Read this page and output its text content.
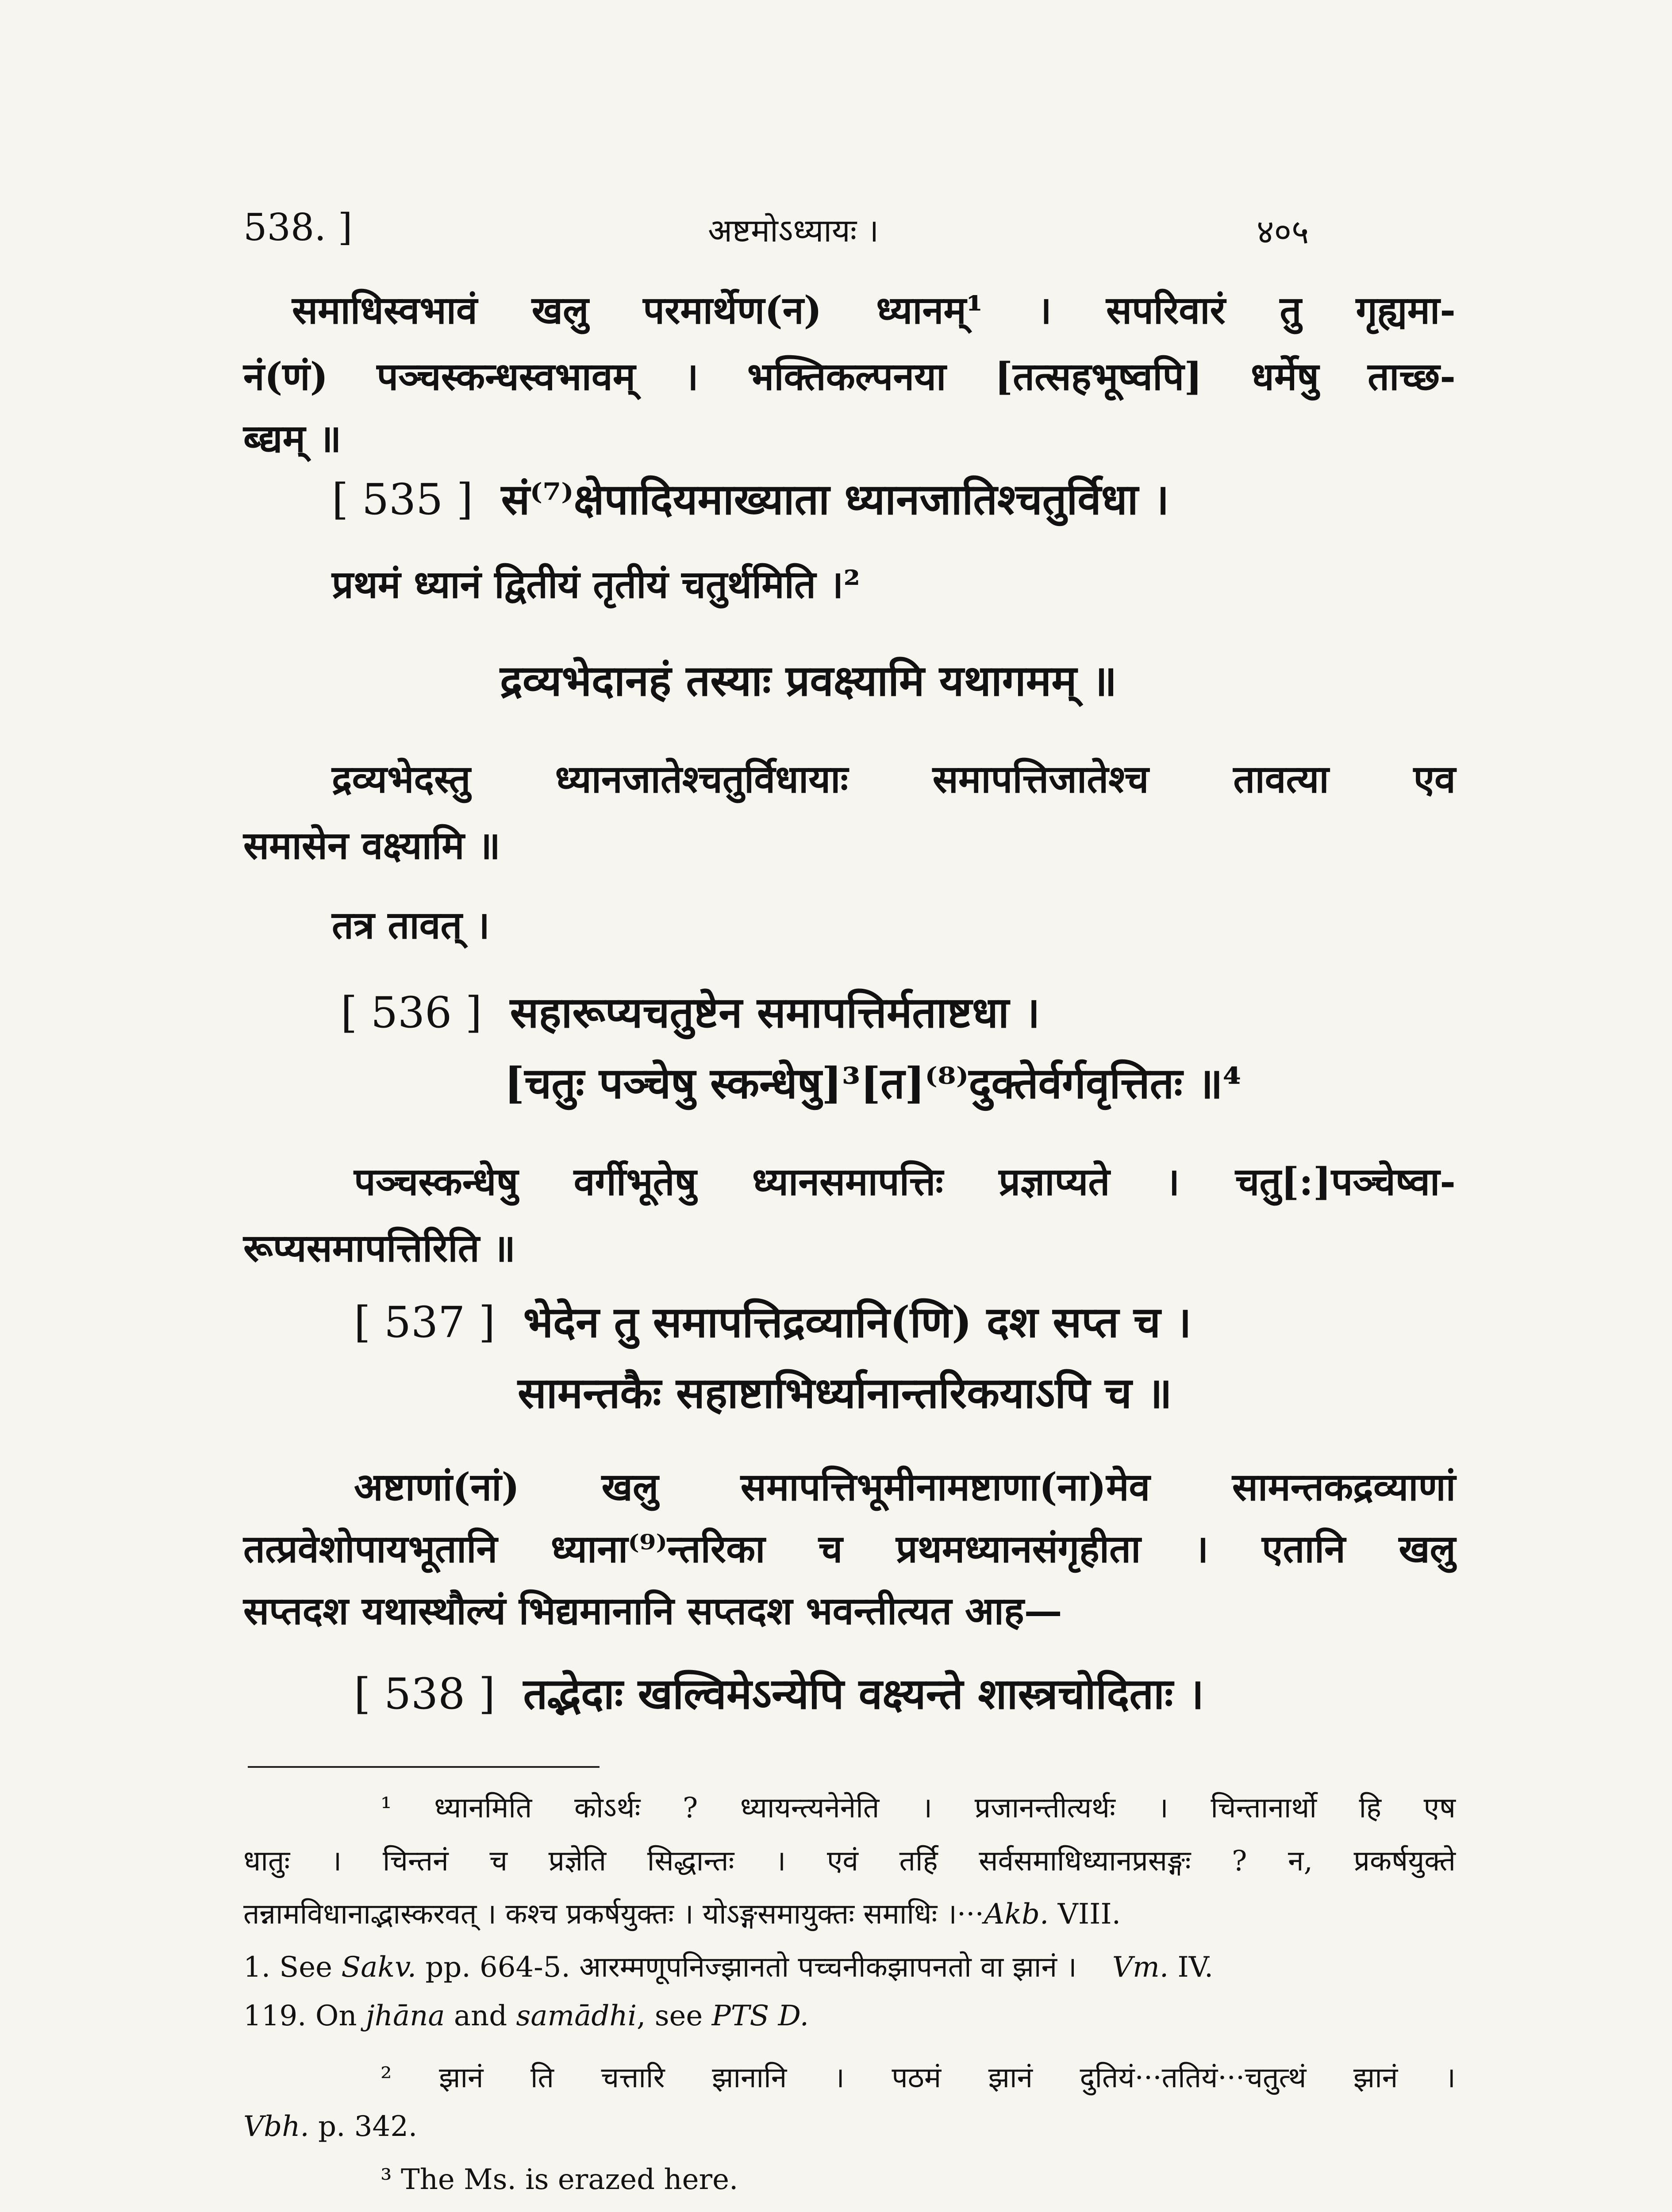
538. ]	अष्टमोऽध्यायः ।	४०५
समाधिस्वभावं खलु परमार्थेण(न) ध्यानम्¹ । सपरिवारं तु गृह्यमा-
नं(णं) पञ्चस्कन्धस्वभावम् । भक्तिकल्पनया [तत्सहभूष्वपि] धर्मेषु ताच्छ-
ब्द्यम् ॥
[ 535 ] सं⁽⁷⁾क्षेपादियमाख्याता ध्यानजातिश्चतुर्विधा ।
प्रथमं ध्यानं द्वितीयं तृतीयं चतुर्थमिति ।²
द्रव्यभेदानहं तस्याः प्रवक्ष्यामि यथागमम् ॥
द्रव्यभेदस्तु ध्यानजातेश्चतुर्विधायाः समापत्तिजातेश्च तावत्या एव
समासेन वक्ष्यामि ॥
तत्र तावत् ।
[ 536 ] सहारूप्यचतुष्टेन समापत्तिर्मताष्टधा ।
[चतुः पञ्चेषु स्कन्धेषु]³[त]⁽⁸⁾दुक्तेर्वर्गवृत्तितः ॥⁴
पञ्चस्कन्धेषु वर्गीभूतेषु ध्यानसमापत्तिः प्रज्ञाप्यते । चतु[:]पञ्चेष्वा-
रूप्यसमापत्तिरिति ॥
[ 537 ] भेदेन तु समापत्तिद्रव्यानि(णि) दश सप्त च ।
सामन्तकैः सहाष्टाभिर्ध्यानान्तरिकयाऽपि च ॥
अष्टाणां(नां) खलु समापत्तिभूमीनामष्टाणा(ना)मेव सामन्तकद्रव्याणां
तत्प्रवेशोपायभूतानि ध्याना⁽⁹⁾न्तरिका च प्रथमध्यानसंगृहीता । एतानि खलु
सप्तदश यथास्थौल्यं भिद्यमानानि सप्तदश भवन्तीत्यत आह—
[ 538 ] तद्भेदाः खल्विमेऽन्येपि वक्ष्यन्ते शास्त्रचोदिताः ।
¹ ध्यानमिति कोऽर्थः ? ध्यायन्त्यनेनेति । प्रजानन्तीत्यर्थः । चिन्तानार्थो हि एष
धातुः । चिन्तनं च प्रज्ञेति सिद्धान्तः । एवं तर्हि सर्वसमाधिध्यानप्रसङ्गः ? न, प्रकर्षयुक्ते
तन्नामविधानाद्भास्करवत् । कश्च प्रकर्षयुक्तः । योऽङ्गसमायुक्तः समाधिः ।···Akb. VIII.
1. See Sakv. pp. 664-5. आरम्मणूपनिज्झानतो पच्चनीकझापनतो वा झानं । Vm. IV.
119. On jhāna and samādhi, see PTS D.
² झानं ति चत्तारि झानानि । पठमं झानं दुतियं···ततियं···चतुत्थं झानं ।
Vbh. p. 342.
³ The Ms. is erazed here.
